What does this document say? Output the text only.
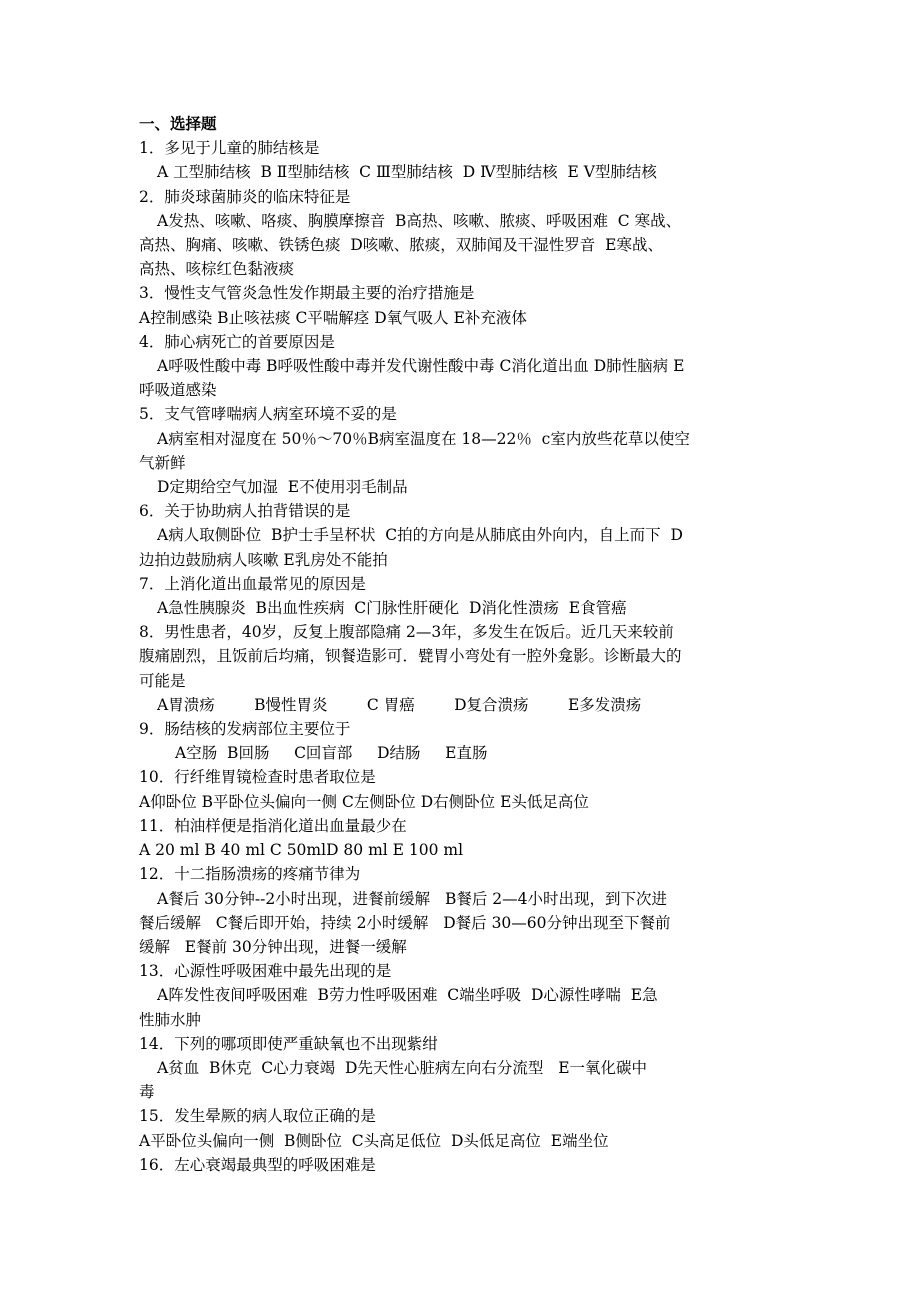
一、选择题
1．多见于儿童的肺结核是
A 工型肺结核  B Ⅱ型肺结核  C Ⅲ型肺结核  D Ⅳ型肺结核  E Ⅴ型肺结核
2．肺炎球菌肺炎的临床特征是
A发热、咳嗽、咯痰、胸膜摩擦音  B高热、咳嗽、脓痰、呼吸困难  C 寒战、
高热、胸痛、咳嗽、铁锈色痰  D咳嗽、脓痰，双肺闻及干湿性罗音  E寒战、
高热、咳棕红色黏液痰
3．慢性支气管炎急性发作期最主要的治疗措施是
A控制感染 B止咳祛痰 C平喘解痉 D氧气吸人 E补充液体
4．肺心病死亡的首要原因是
A呼吸性酸中毒 B呼吸性酸中毒并发代谢性酸中毒 C消化道出血 D肺性脑病 E
呼吸道感染
5．支气管哮喘病人病室环境不妥的是
A病室相对湿度在 50％～70％B病室温度在 18—22％  c室内放些花草以使空
气新鲜
D定期给空气加湿  E不使用羽毛制品
6．关于协助病人拍背错误的是
A病人取侧卧位  B护士手呈杯状  C拍的方向是从肺底由外向内，自上而下  D
边拍边鼓励病人咳嗽 E乳房处不能拍
7．上消化道出血最常见的原因是
A急性胰腺炎  B出血性疾病  C门脉性肝硬化  D消化性溃疡  E食管癌
8．男性患者，40岁，反复上腹部隐痛 2—3年，多发生在饭后。近几天来较前
腹痛剧烈，且饭前后均痛，钡餐造影可．甓胃小弯处有一腔外龛影。诊断最大的
可能是
A胃溃疡        B慢性胃炎        C 胃癌        D复合溃疡        E多发溃疡
9．肠结核的发病部位主要位于
A空肠  B回肠     C回盲部     D结肠     E直肠
10．行纤维胃镜检查时患者取位是
A仰卧位 B平卧位头偏向一侧 C左侧卧位 D右侧卧位 E头低足高位
11．柏油样便是指消化道出血量最少在
A 20 ml B 40 ml C 50mlD 80 ml E 100 ml
12．十二指肠溃疡的疼痛节律为
A餐后 30分钟--2小时出现，进餐前缓解   B餐后 2—4小时出现，到下次进
餐后缓解   C餐后即开始，持续 2小时缓解   D餐后 30—60分钟出现至下餐前
缓解   E餐前 30分钟出现，进餐一缓解
13．心源性呼吸困难中最先出现的是
A阵发性夜间呼吸困难  B劳力性呼吸困难  C端坐呼吸  D心源性哮喘  E急
性肺水肿
14．下列的哪项即使严重缺氧也不出现紫绀
A贫血  B休克  C心力衰竭  D先天性心脏病左向右分流型   E一氧化碳中
毒
15．发生晕厥的病人取位正确的是
A平卧位头偏向一侧  B侧卧位  C头高足低位  D头低足高位  E端坐位
16．左心衰竭最典型的呼吸困难是
